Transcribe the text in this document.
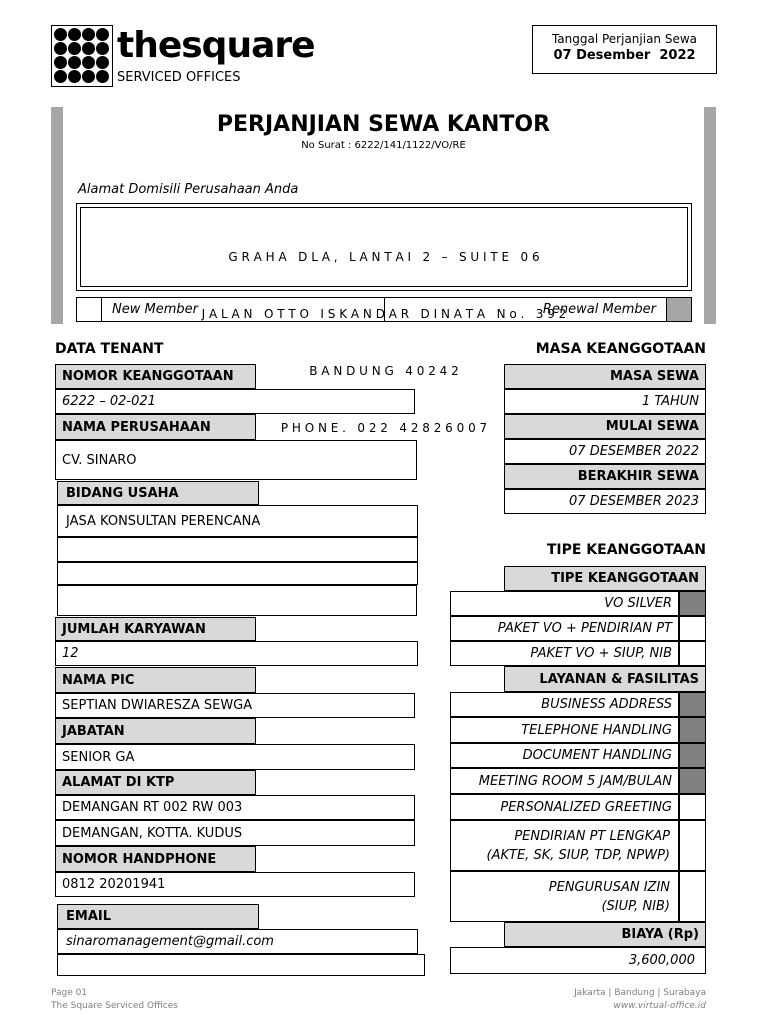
thesquare
SERVICED OFFICES
Tanggal Perjanjian Sewa
07 Desember  2022
PERJANJIAN SEWA KANTOR
No Surat : 6222/141/1122/VO/RE
Alamat Domisili Perusahaan Anda

G R A H A   D L A ,   L A N T A I   2   –   S U I T E   0 6

J A L A N   O T T O   I S K A N D A R   D I N A T A   N o .   3 9 2

B A N D U N G   4 0 2 4 2

P H O N E .   0 2 2   4 2 8 2 6 0 0 7

New Member	Renewal Member
DATA TENANT
NOMOR KEANGGOTAAN
6222 – 02-021
NAMA PERUSAHAAN
CV. SINARO
BIDANG USAHA
JASA KONSULTAN PERENCANA
JUMLAH KARYAWAN
12
NAMA PIC
SEPTIAN DWIARESZA SEWGA
JABATAN
SENIOR GA
ALAMAT DI KTP
DEMANGAN RT 002 RW 003
DEMANGAN, KOTTA. KUDUS
NOMOR HANDPHONE
0812 20201941
EMAIL
sinaromanagement@gmail.com
MASA KEANGGOTAAN
MASA SEWA
1 TAHUN
MULAI SEWA
07 DESEMBER 2022
BERAKHIR SEWA
07 DESEMBER 2023
TIPE KEANGGOTAAN
TIPE KEANGGOTAAN
VO SILVER
PAKET VO + PENDIRIAN PT
PAKET VO + SIUP, NIB
LAYANAN & FASILITAS
BUSINESS ADDRESS
TELEPHONE HANDLING
DOCUMENT HANDLING
MEETING ROOM 5 JAM/BULAN
PERSONALIZED GREETING
PENDIRIAN PT LENGKAP
(AKTE, SK, SIUP, TDP, NPWP)
PENGURUSAN IZIN
(SIUP, NIB)
BIAYA (Rp)
3,600,000
Page 01
The Square Serviced Offices
Jakarta | Bandung | Surabaya
www.virtual-office.id
